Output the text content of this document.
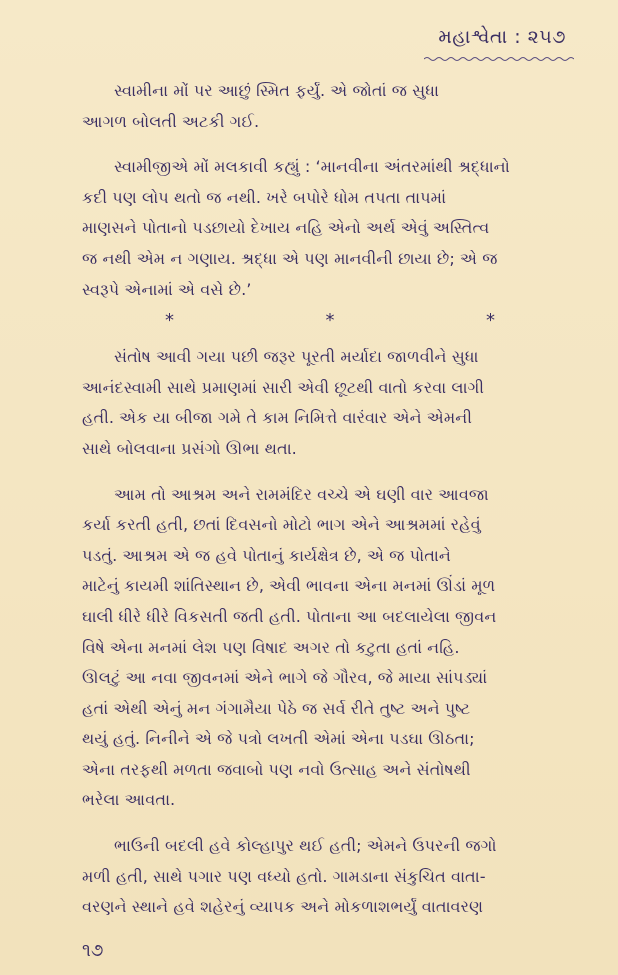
મહાશ્વેતા : ૨૫૭

સ્વામીના મોં પર આછું સ્મિત ફર્યું. એ જોતાં જ સુધા
આગળ બોલતી અટકી ગઈ.

સ્વામીજીએ મોં મલકાવી કહ્યું : ‘માનવીના અંતરમાંથી શ્રદ્ધાનો
કદી પણ લોપ થતો જ નથી. ખરે બપોરે ધોમ તપતા તાપમાં
માણસને પોતાનો પડછાયો દેખાય નહિ એનો અર્થ એવું અસ્તિત્વ
જ નથી એમ ન ગણાય. શ્રદ્ધા એ પણ માનવીની છાયા છે; એ જ
સ્વરૂપે એનામાં એ વસે છે.’

*	*	*

સંતોષ આવી ગયા પછી જરૂર પૂરતી મર્યાદા જાળવીને સુધા
આનંદસ્વામી સાથે પ્રમાણમાં સારી એવી છૂટથી વાતો કરવા લાગી
હતી. એક યા બીજા ગમે તે કામ નિમિત્તે વારંવાર એને એમની
સાથે બોલવાના પ્રસંગો ઊભા થતા.

આમ તો આશ્રમ અને રામમંદિર વચ્ચે એ ઘણી વાર આવજા
કર્યા કરતી હતી, છતાં દિવસનો મોટો ભાગ એને આશ્રમમાં રહેવું
પડતું. આશ્રમ એ જ હવે પોતાનું કાર્યક્ષેત્ર છે, એ જ પોતાને
માટેનું કાયમી શાંતિસ્થાન છે, એવી ભાવના એના મનમાં ઊંડાં મૂળ
ઘાલી ધીરે ધીરે વિકસતી જતી હતી. પોતાના આ બદલાયેલા જીવન
વિષે એના મનમાં લેશ પણ વિષાદ અગર તો કટુતા હતાં નહિ.
ઊલટું આ નવા જીવનમાં એને ભાગે જે ગૌરવ, જે માયા સાંપડ્યાં
હતાં એથી એનું મન ગંગામૈયા પેઠે જ સર્વ રીતે તુષ્ટ અને પુષ્ટ
થયું હતું. નિનીને એ જે પત્રો લખતી એમાં એના પડઘા ઊઠતા;
એના તરફથી મળતા જવાબો પણ નવો ઉત્સાહ અને સંતોષથી
ભરેલા આવતા.

ભાઉની બદલી હવે કોલ્હાપુર થઈ હતી; એમને ઉપરની જગો
મળી હતી, સાથે પગાર પણ વધ્યો હતો. ગામડાના સંકુચિત વાતા-
વરણને સ્થાને હવે શહેરનું વ્યાપક અને મોકળાશભર્યું વાતાવરણ

૧૭
